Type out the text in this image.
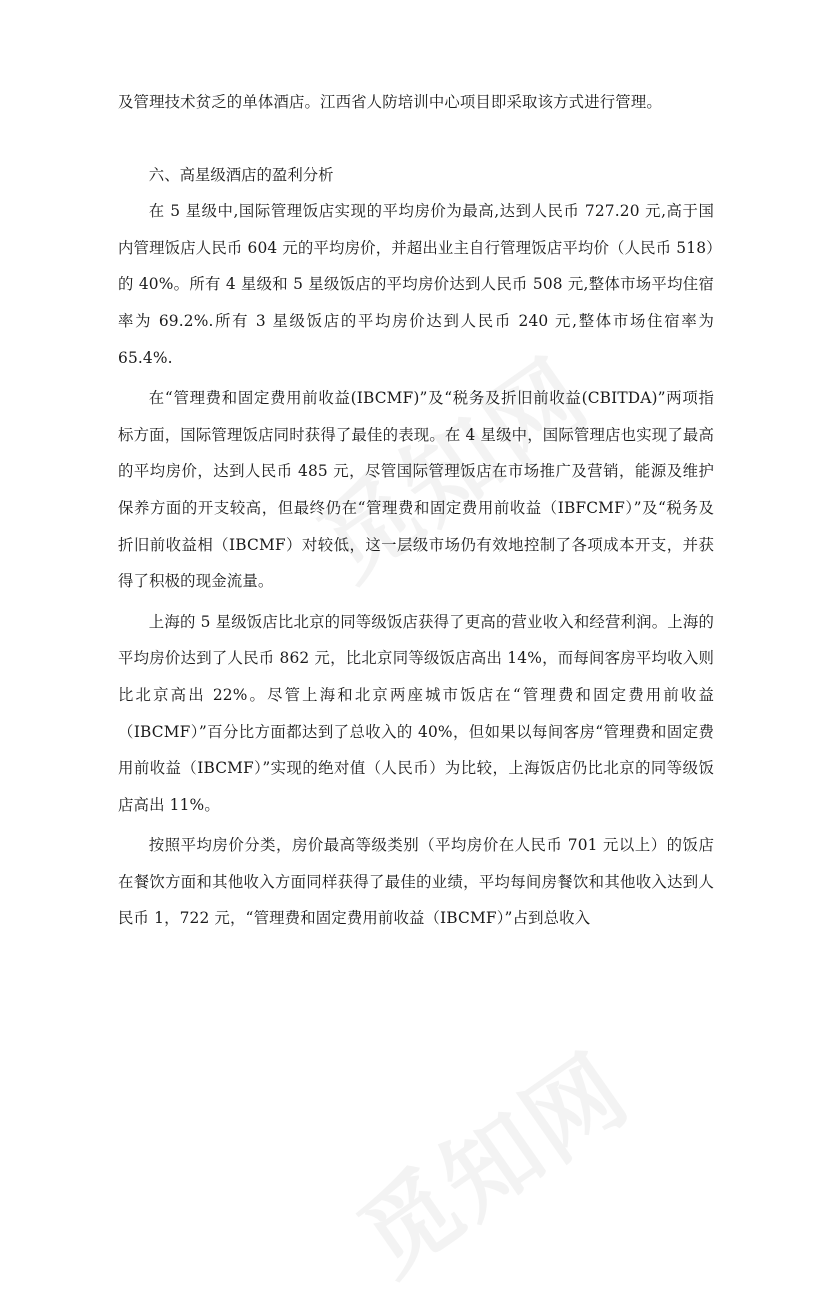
及管理技术贫乏的单体酒店。江西省人防培训中心项目即采取该方式进行管理。

六、高星级酒店的盈利分析

在 5 星级中,国际管理饭店实现的平均房价为最高,达到人民币 727.20 元,高于国内管理饭店人民币 604 元的平均房价，并超出业主自行管理饭店平均价（人民币 518）的 40%。所有 4 星级和 5 星级饭店的平均房价达到人民币 508 元,整体市场平均住宿率为 69.2%.所有 3 星级饭店的平均房价达到人民币 240 元,整体市场住宿率为 65.4%.

在“管理费和固定费用前收益(IBCMF)”及“税务及折旧前收益(CBITDA)”两项指标方面，国际管理饭店同时获得了最佳的表现。在 4 星级中，国际管理店也实现了最高的平均房价，达到人民币 485 元，尽管国际管理饭店在市场推广及营销，能源及维护保养方面的开支较高，但最终仍在“管理费和固定费用前收益（IBFCMF）”及“税务及折旧前收益相（IBCMF）对较低，这一层级市场仍有效地控制了各项成本开支，并获得了积极的现金流量。

上海的 5 星级饭店比北京的同等级饭店获得了更高的营业收入和经营利润。上海的平均房价达到了人民币 862 元，比北京同等级饭店高出 14%，而每间客房平均收入则比北京高出 22%。尽管上海和北京两座城市饭店在“管理费和固定费用前收益（IBCMF）”百分比方面都达到了总收入的 40%，但如果以每间客房“管理费和固定费用前收益（IBCMF）”实现的绝对值（人民币）为比较，上海饭店仍比北京的同等级饭店高出 11%。

按照平均房价分类，房价最高等级类别（平均房价在人民币 701 元以上）的饭店在餐饮方面和其他收入方面同样获得了最佳的业绩，平均每间房餐饮和其他收入达到人民币 1，722 元，“管理费和固定费用前收益（IBCMF）”占到总收入
